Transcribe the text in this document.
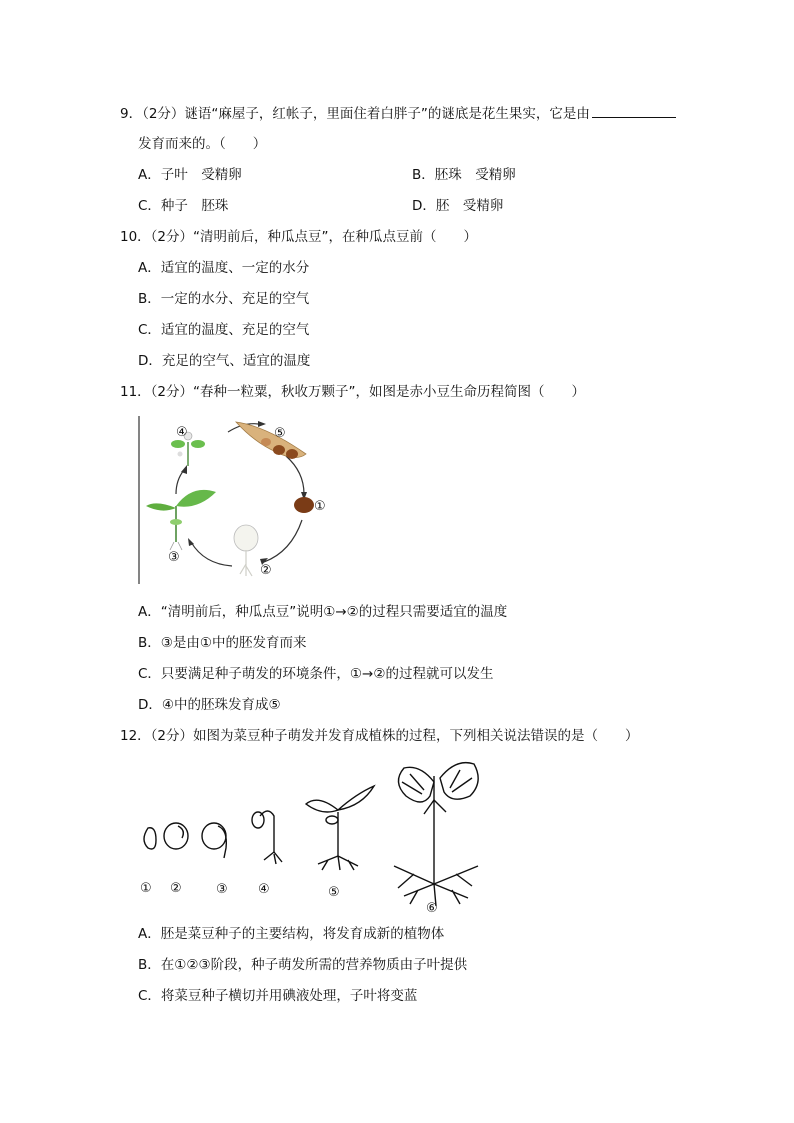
9．（2分）谜语“麻屋子，红帐子，里面住着白胖子”的谜底是花生果实，它是由
发育而来的。（　　）
A．子叶　受精卵	B．胚珠　受精卵
C．种子　胚珠	D．胚　受精卵
10．（2分）“清明前后，种瓜点豆”，在种瓜点豆前（　　）
A．适宜的温度、一定的水分
B．一定的水分、充足的空气
C．适宜的温度、充足的空气
D．充足的空气、适宜的温度
11．（2分）“春种一粒粟，秋收万颗子”，如图是赤小豆生命历程简图（　　）
④	⑤
①
②
③
A．“清明前后，种瓜点豆”说明①→②的过程只需要适宜的温度
B．③是由①中的胚发育而来
C．只要满足种子萌发的环境条件，①→②的过程就可以发生
D．④中的胚珠发育成⑤
12．（2分）如图为菜豆种子萌发并发育成植株的过程，下列相关说法错误的是（　　）
① ②	③ ④	⑤
⑥
A．胚是菜豆种子的主要结构，将发育成新的植物体
B．在①②③阶段，种子萌发所需的营养物质由子叶提供
C．将菜豆种子横切并用碘液处理，子叶将变蓝
